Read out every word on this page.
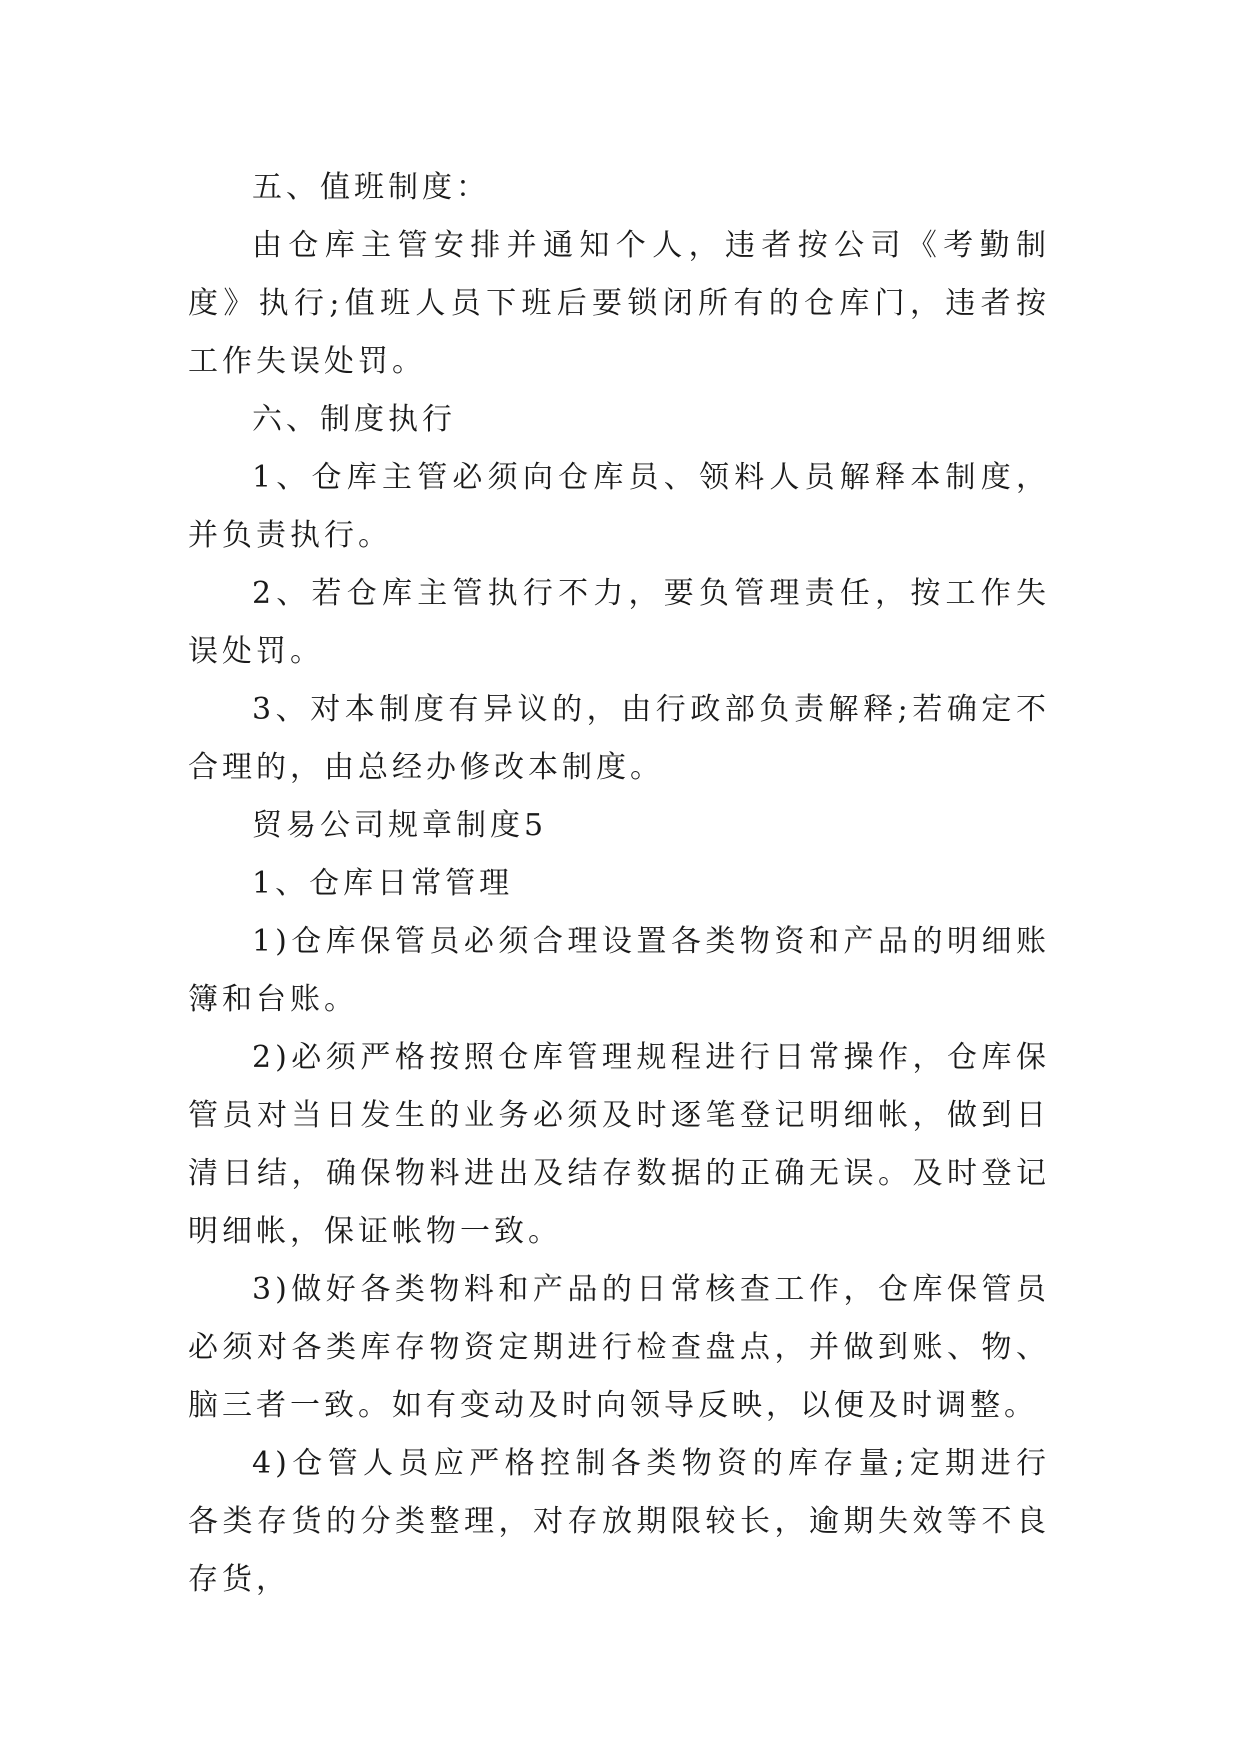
五、值班制度：

由仓库主管安排并通知个人，违者按公司《考勤制度》执行;值班人员下班后要锁闭所有的仓库门，违者按工作失误处罚。

六、制度执行

1、仓库主管必须向仓库员、领料人员解释本制度，并负责执行。

2、若仓库主管执行不力，要负管理责任，按工作失误处罚。

3、对本制度有异议的，由行政部负责解释;若确定不合理的，由总经办修改本制度。

贸易公司规章制度5

1、仓库日常管理

1)仓库保管员必须合理设置各类物资和产品的明细账簿和台账。

2)必须严格按照仓库管理规程进行日常操作，仓库保管员对当日发生的业务必须及时逐笔登记明细帐，做到日清日结，确保物料进出及结存数据的正确无误。及时登记明细帐，保证帐物一致。

3)做好各类物料和产品的日常核查工作，仓库保管员必须对各类库存物资定期进行检查盘点，并做到账、物、脑三者一致。如有变动及时向领导反映，以便及时调整。

4)仓管人员应严格控制各类物资的库存量;定期进行各类存货的分类整理，对存放期限较长，逾期失效等不良存货，
